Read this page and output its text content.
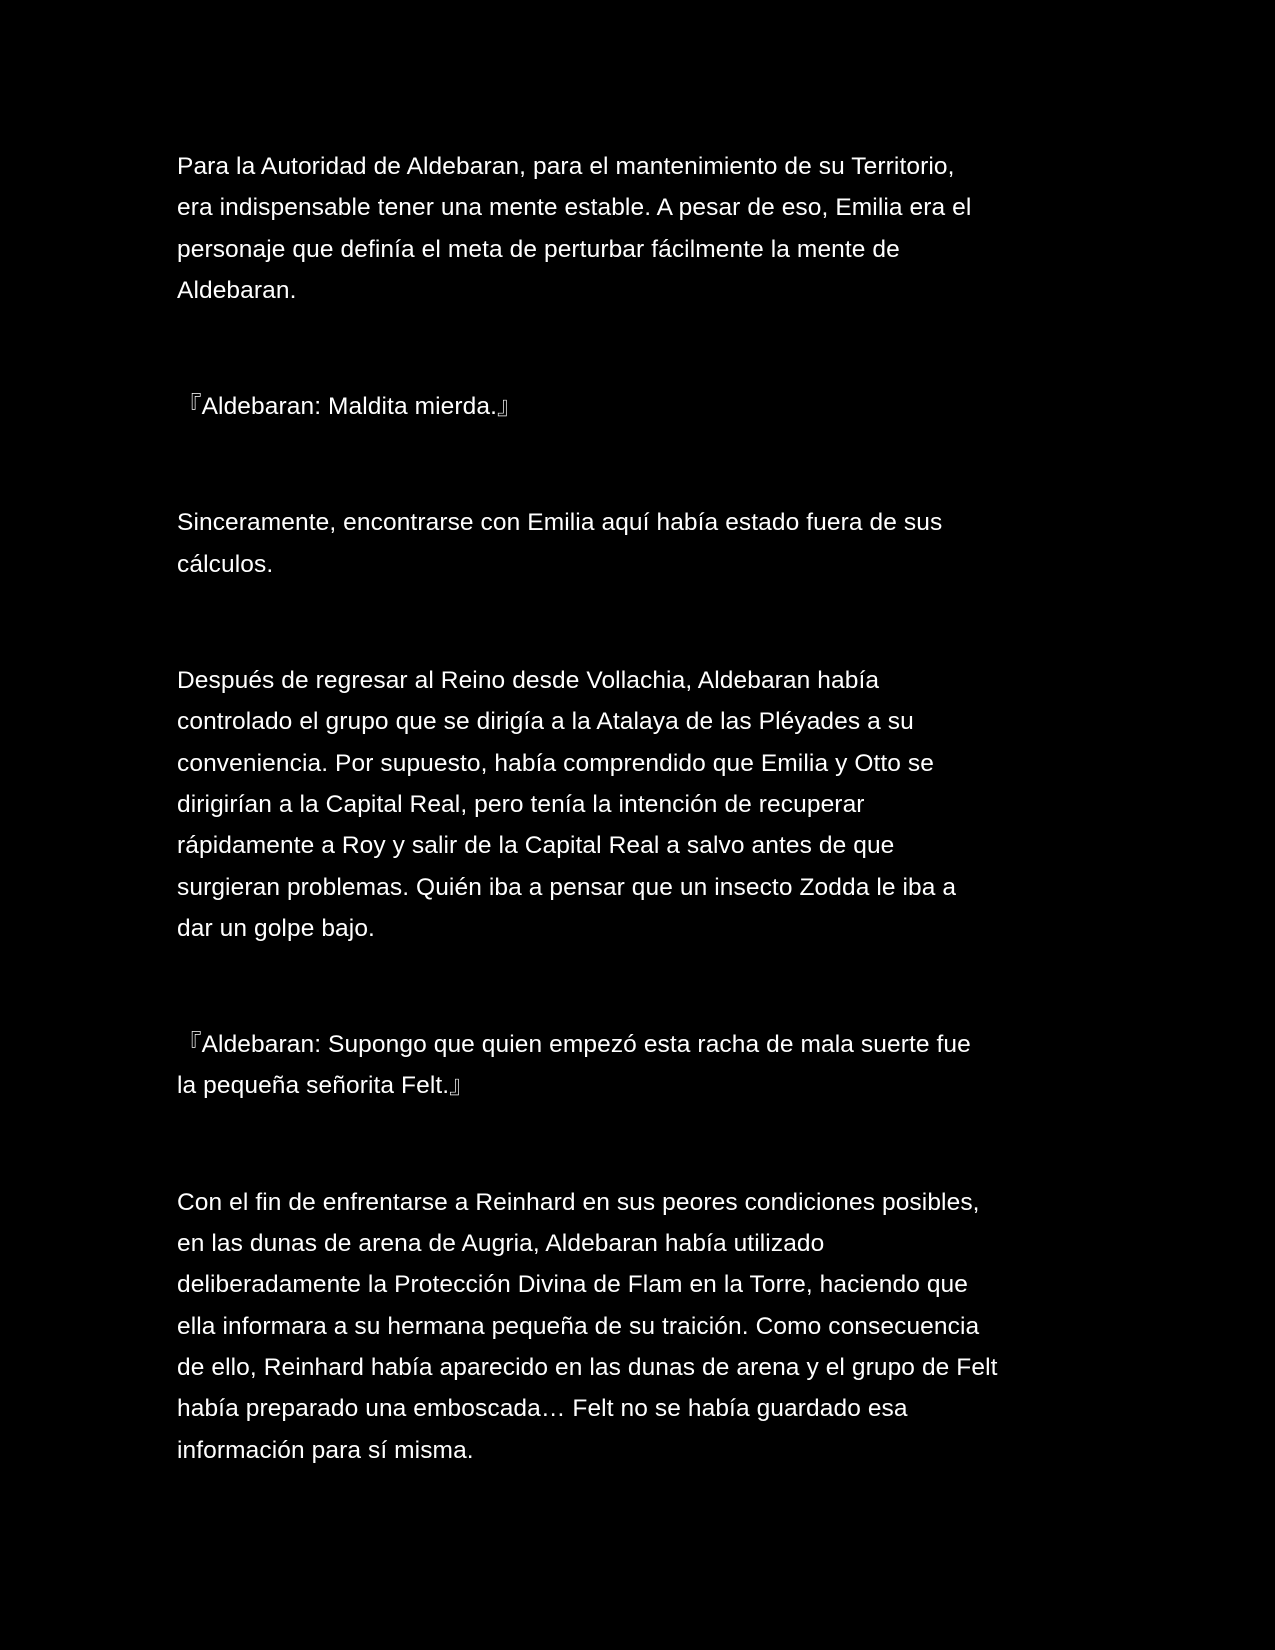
Para la Autoridad de Aldebaran, para el mantenimiento de su Territorio,
era indispensable tener una mente estable. A pesar de eso, Emilia era el
personaje que definía el meta de perturbar fácilmente la mente de
Aldebaran.

『Aldebaran: Maldita mierda.』

Sinceramente, encontrarse con Emilia aquí había estado fuera de sus
cálculos.

Después de regresar al Reino desde Vollachia, Aldebaran había
controlado el grupo que se dirigía a la Atalaya de las Pléyades a su
conveniencia. Por supuesto, había comprendido que Emilia y Otto se
dirigirían a la Capital Real, pero tenía la intención de recuperar
rápidamente a Roy y salir de la Capital Real a salvo antes de que
surgieran problemas. Quién iba a pensar que un insecto Zodda le iba a
dar un golpe bajo.

『Aldebaran: Supongo que quien empezó esta racha de mala suerte fue
la pequeña señorita Felt.』

Con el fin de enfrentarse a Reinhard en sus peores condiciones posibles,
en las dunas de arena de Augria, Aldebaran había utilizado
deliberadamente la Protección Divina de Flam en la Torre, haciendo que
ella informara a su hermana pequeña de su traición. Como consecuencia
de ello, Reinhard había aparecido en las dunas de arena y el grupo de Felt
había preparado una emboscada… Felt no se había guardado esa
información para sí misma.
